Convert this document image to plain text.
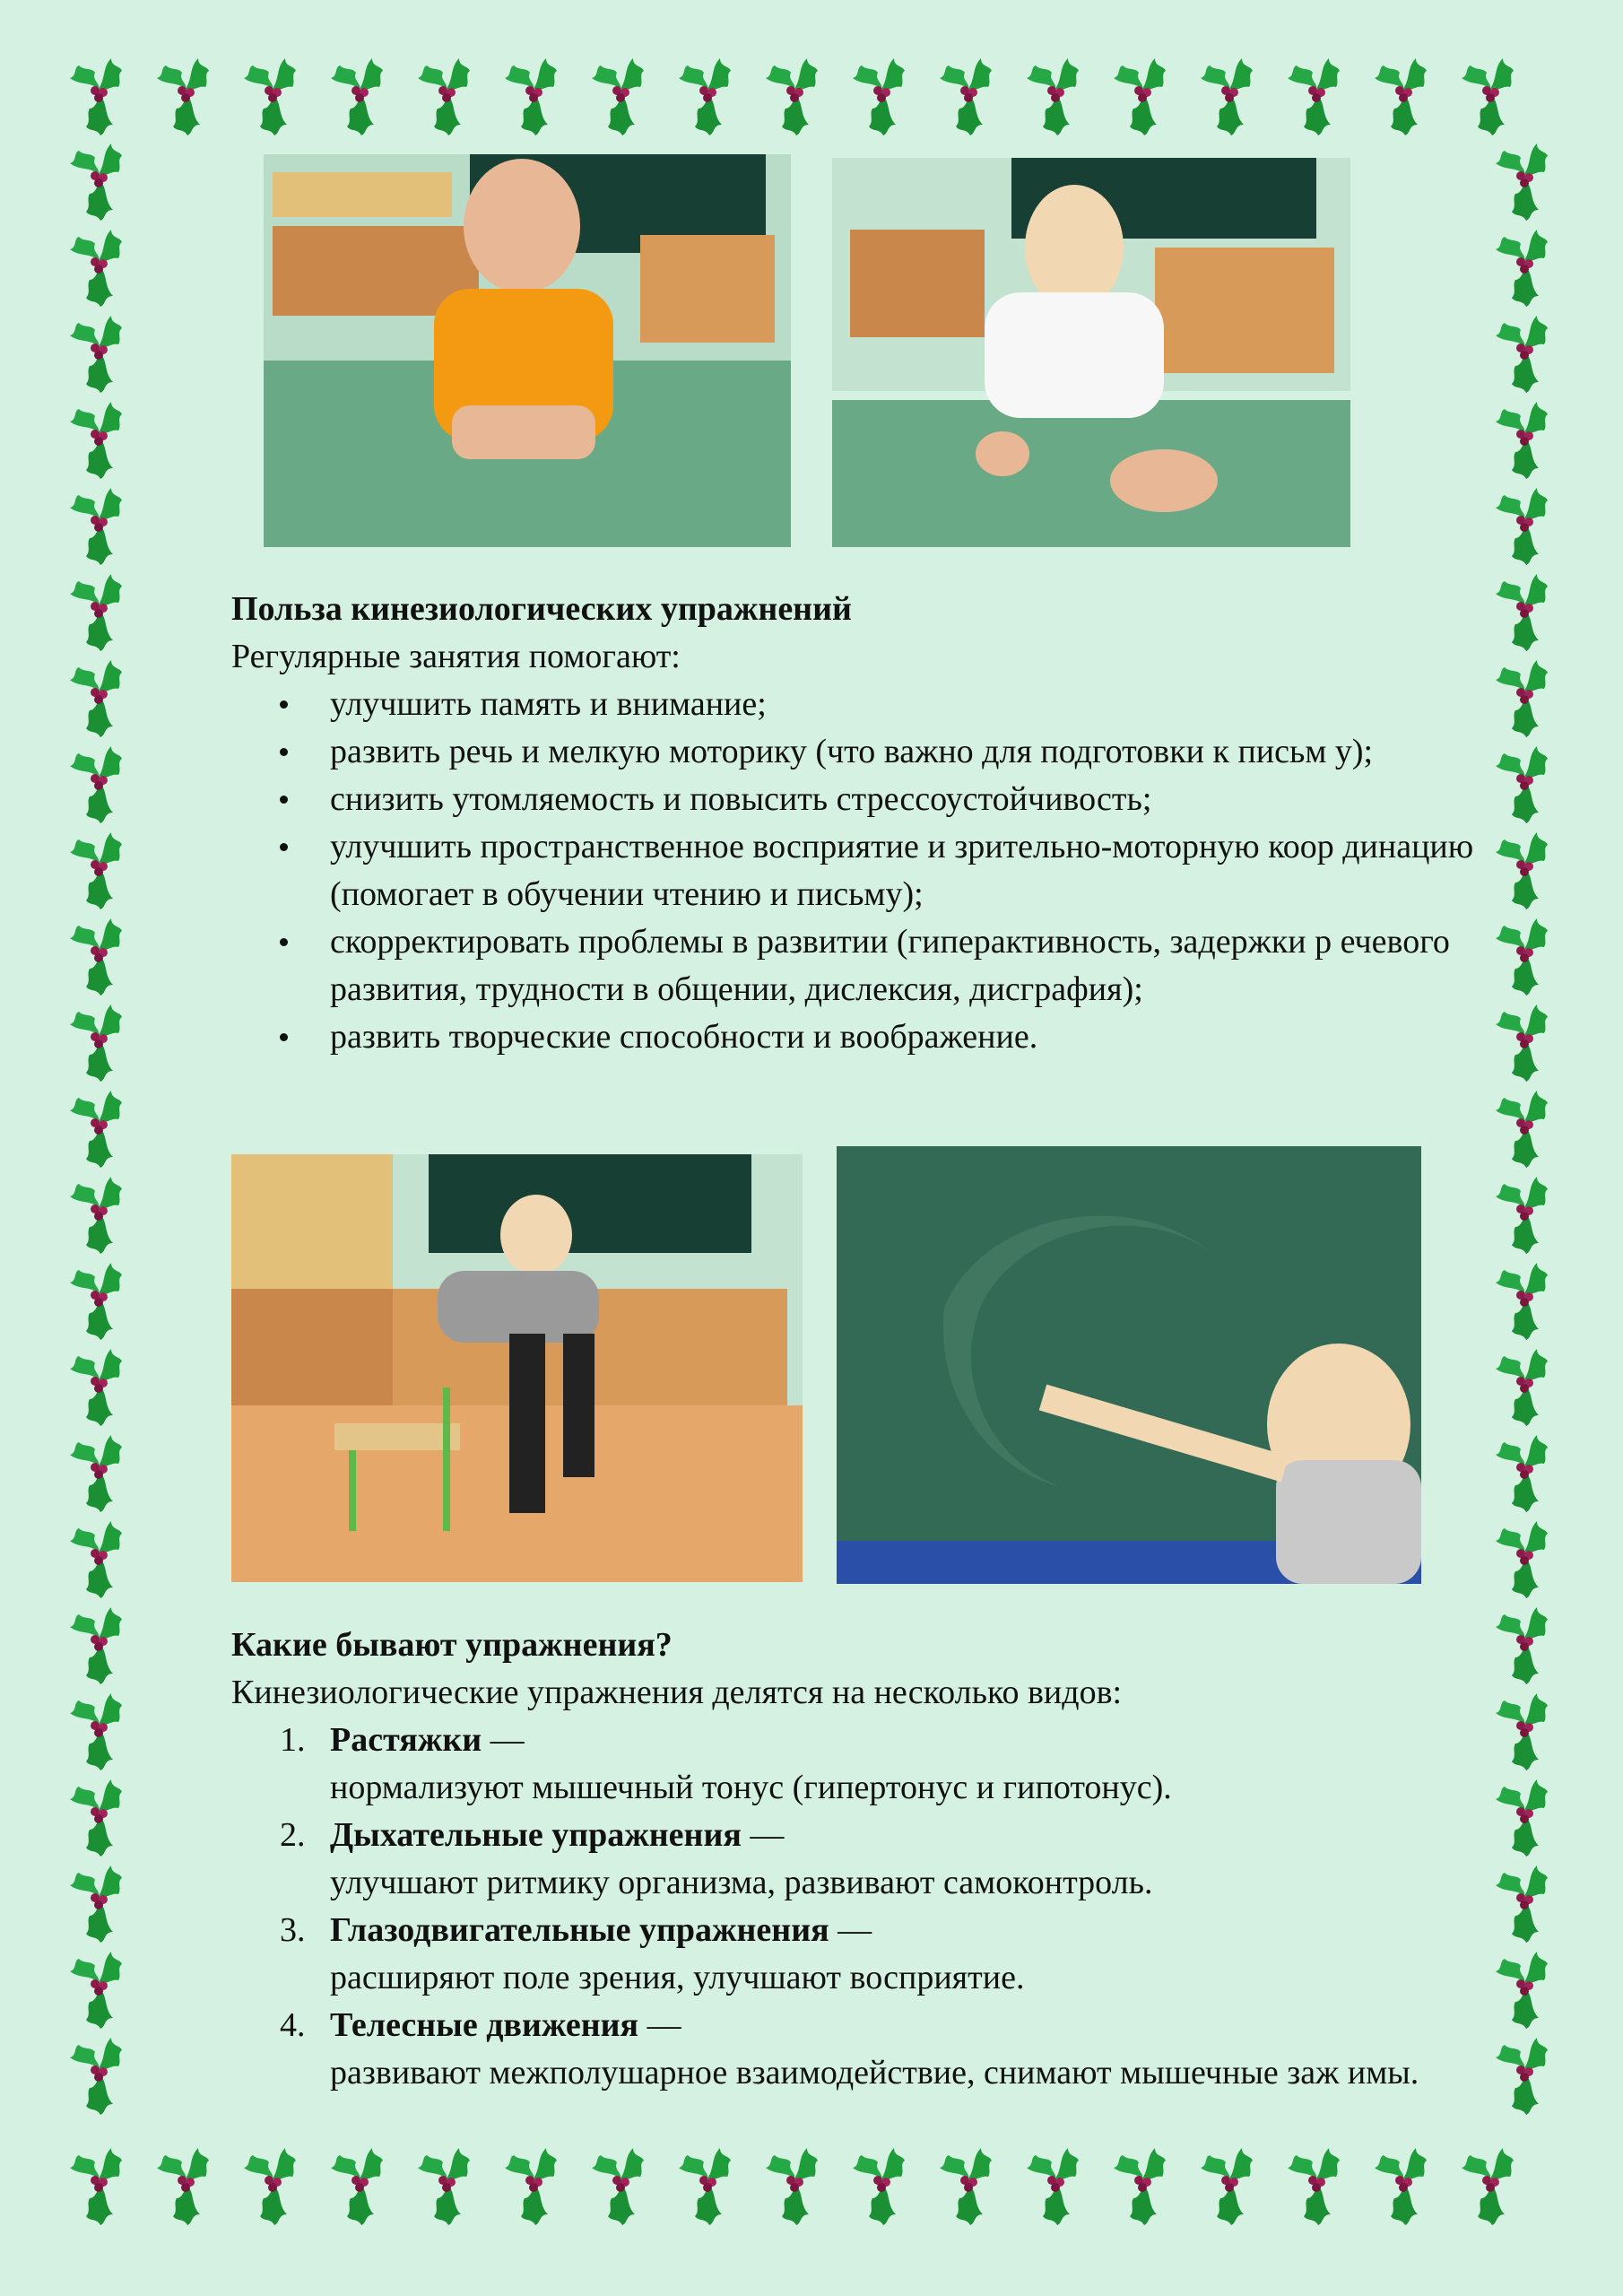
Польза кинезиологических упражнений

Регулярные занятия помогают:

улучшить память и внимание;
развить речь и мелкую моторику (что важно для подготовки к письм у);
снизить утомляемость и повысить стрессоустойчивость;
улучшить пространственное восприятие и зрительно-моторную коор динацию (помогает в обучении чтению и письму);
скорректировать проблемы в развитии (гиперактивность, задержки р ечевого развития, трудности в общении, дислексия, дисграфия);
развить творческие способности и воображение.
Какие бывают упражнения?

Кинезиологические упражнения делятся на несколько видов:

1. Растяжки —
нормализуют мышечный тонус (гипертонус и гипотонус).
2. Дыхательные упражнения —
улучшают ритмику организма, развивают самоконтроль.
3. Глазодвигательные упражнения —
расширяют поле зрения, улучшают восприятие.
4. Телесные движения —
развивают межполушарное взаимодействие, снимают мышечные заж имы.
